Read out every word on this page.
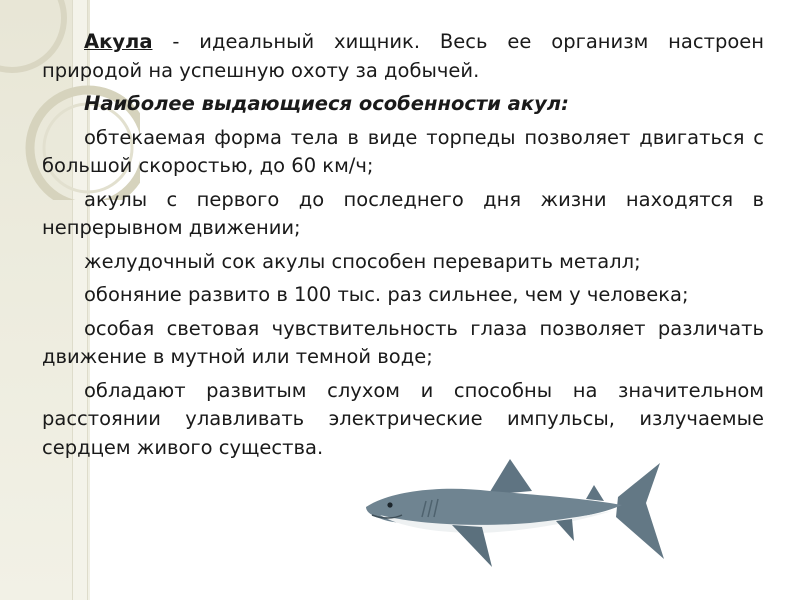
Акула - идеальный хищник. Весь ее организм настроен природой на успешную охоту за добычей.

Наиболее выдающиеся особенности акул:

обтекаемая форма тела в виде торпеды позволяет двигаться с большой скоростью, до 60 км/ч;

акулы с первого до последнего дня жизни находятся в непрерывном движении;

желудочный сок акулы способен переварить металл;

обоняние развито в 100 тыс. раз сильнее, чем у человека;

особая световая чувствительность глаза позволяет различать движение в мутной или темной воде;

обладают развитым слухом и способны на значительном расстоянии улавливать электрические импульсы, излучаемые сердцем живого существа.
